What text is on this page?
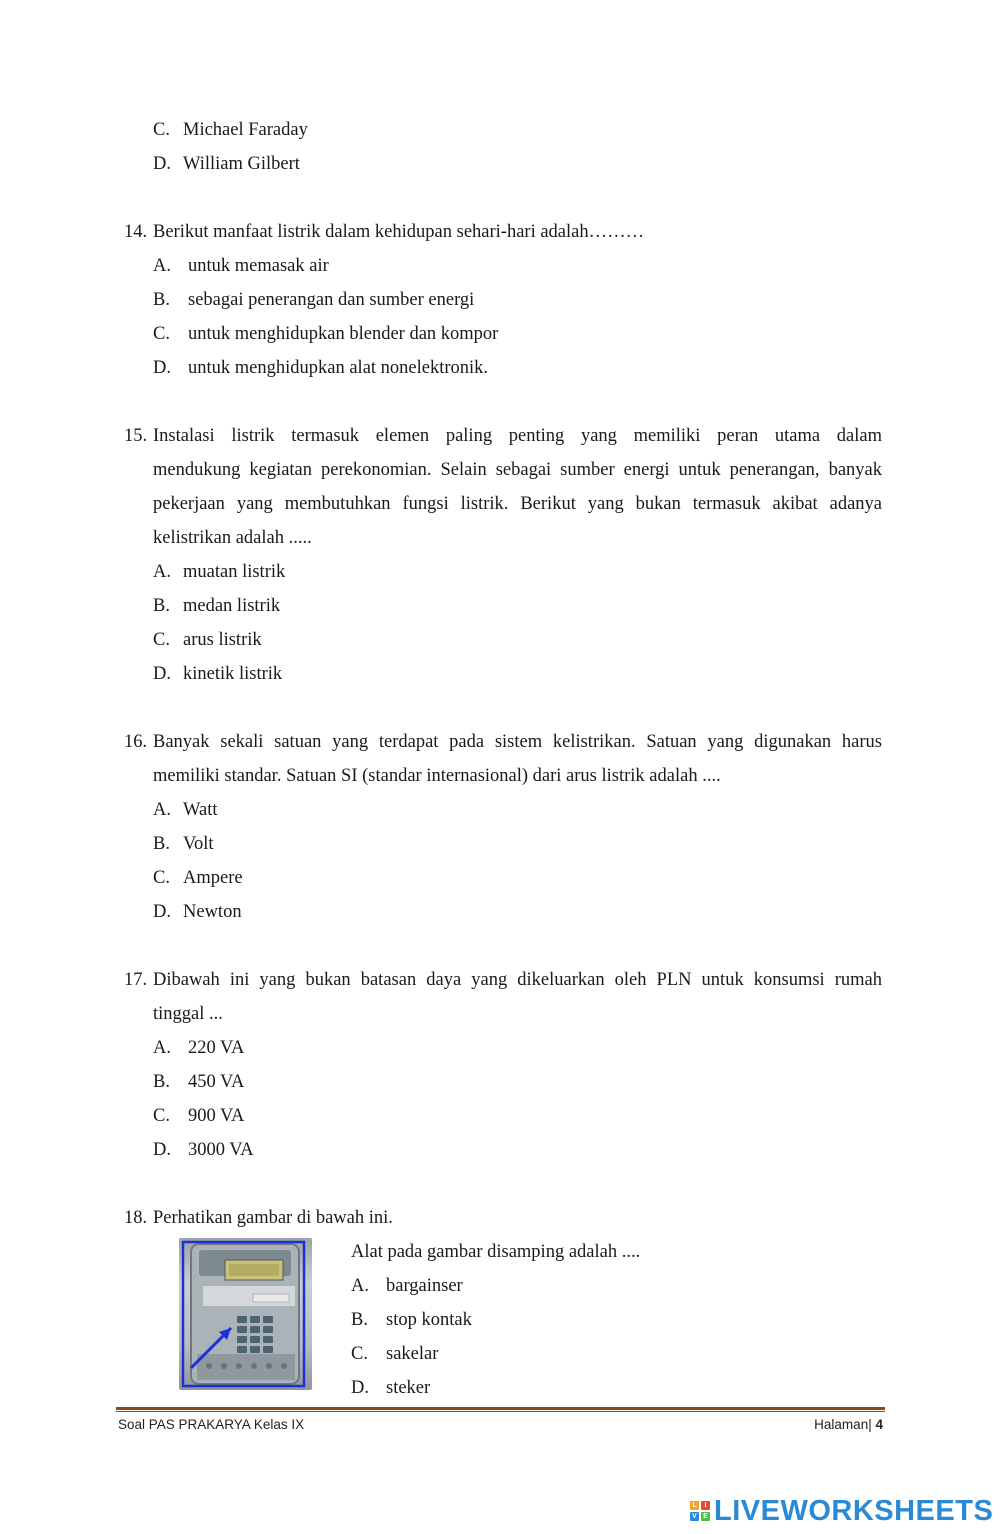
C. Michael Faraday
D. William Gilbert
14. Berikut manfaat listrik dalam kehidupan sehari-hari adalah………
A. untuk memasak air
B. sebagai penerangan dan sumber energi
C. untuk menghidupkan blender dan kompor
D. untuk menghidupkan alat nonelektronik.
15. Instalasi listrik termasuk elemen paling penting yang memiliki peran utama dalam
mendukung kegiatan perekonomian. Selain sebagai sumber energi untuk penerangan, banyak
pekerjaan yang membutuhkan fungsi listrik. Berikut yang bukan termasuk akibat adanya
kelistrikan adalah .....
A. muatan listrik
B. medan listrik
C. arus listrik
D. kinetik listrik
16. Banyak sekali satuan yang terdapat pada sistem kelistrikan. Satuan yang digunakan harus
memiliki standar. Satuan SI (standar internasional) dari arus listrik adalah ....
A. Watt
B. Volt
C. Ampere
D. Newton
17. Dibawah ini yang bukan batasan daya yang dikeluarkan oleh PLN untuk konsumsi rumah
tinggal ...
A. 220 VA
B. 450 VA
C. 900 VA
D. 3000 VA
18. Perhatikan gambar di bawah ini.
Alat pada gambar disamping adalah ....
A. bargainser
B. stop kontak
C. sakelar
D. steker
Soal PAS PRAKARYA Kelas IX	Halaman| 4
L	I
V E LIVEWORKSHEETS
